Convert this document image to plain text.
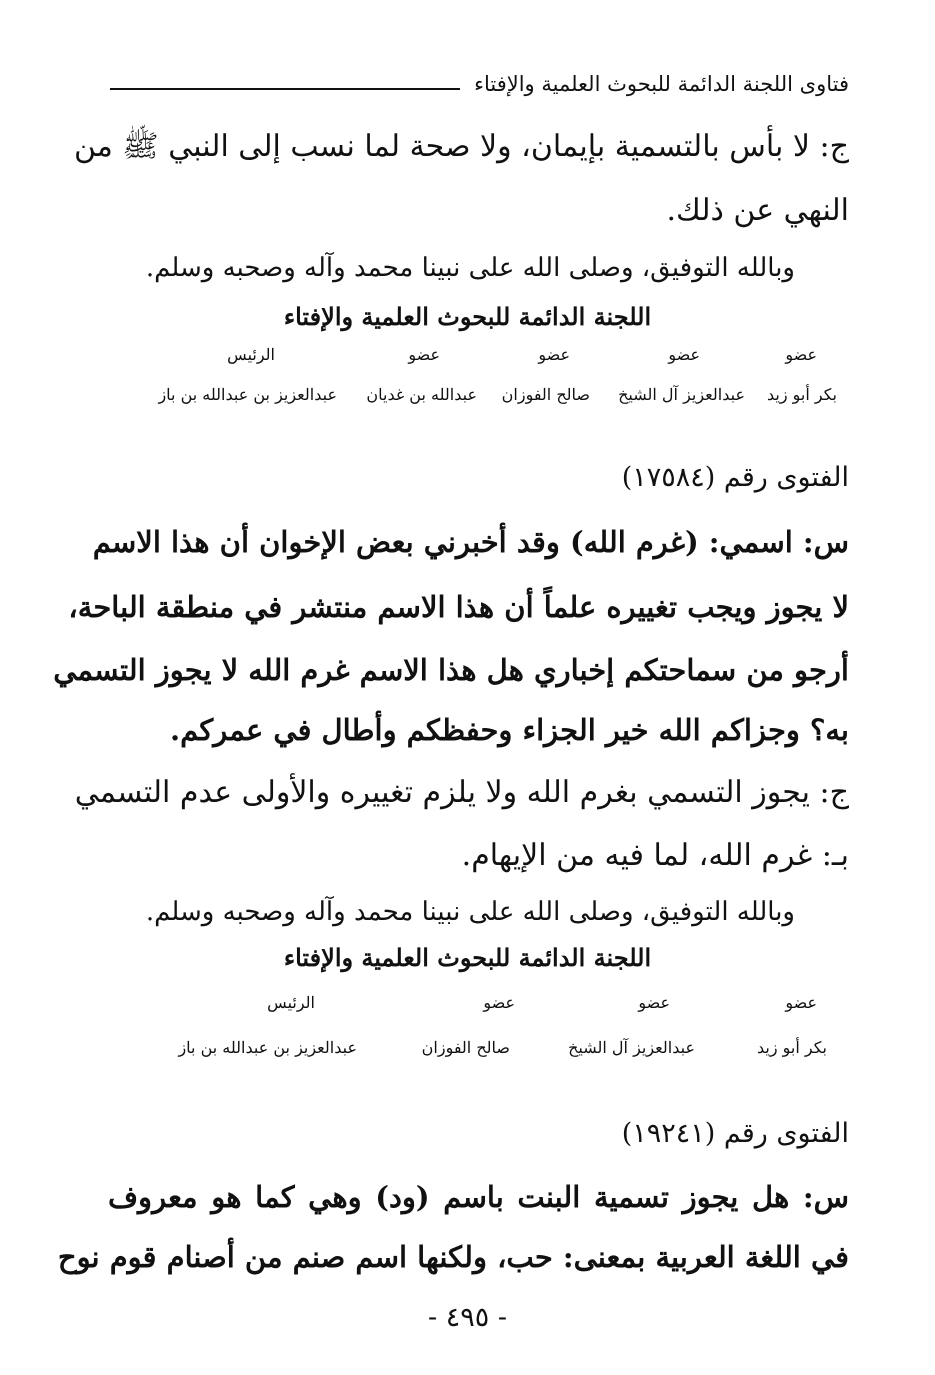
فتاوى اللجنة الدائمة للبحوث العلمية والإفتاء
ج: لا بأس بالتسمية بإيمان، ولا صحة لما نسب إلى النبي ﷺ من
النهي عن ذلك.
وبالله التوفيق، وصلى الله على نبينا محمد وآله وصحبه وسلم.
اللجنة الدائمة للبحوث العلمية والإفتاء
عضو
عضو
عضو
عضو
الرئيس
بكر أبو زيد
عبدالعزيز آل الشيخ
صالح الفوزان
عبدالله بن غديان
عبدالعزيز بن عبدالله بن باز
الفتوى رقم (١٧٥٨٤)
س: اسمي: (غرم الله) وقد أخبرني بعض الإخوان أن هذا الاسم
لا يجوز ويجب تغييره علماً أن هذا الاسم منتشر في منطقة الباحة،
أرجو من سماحتكم إخباري هل هذا الاسم غرم الله لا يجوز التسمي
به؟ وجزاكم الله خير الجزاء وحفظكم وأطال في عمركم.
ج: يجوز التسمي بغرم الله ولا يلزم تغييره والأولى عدم التسمي
بـ: غرم الله، لما فيه من الإيهام.
وبالله التوفيق، وصلى الله على نبينا محمد وآله وصحبه وسلم.
اللجنة الدائمة للبحوث العلمية والإفتاء
عضو
عضو
عضو
الرئيس
بكر أبو زيد
عبدالعزيز آل الشيخ
صالح الفوزان
عبدالعزيز بن عبدالله بن باز
الفتوى رقم (١٩٢٤١)
س: هل يجوز تسمية البنت باسم (ود) وهي كما هو معروف
في اللغة العربية بمعنى: حب، ولكنها اسم صنم من أصنام قوم نوح
- ٤٩٥ -
